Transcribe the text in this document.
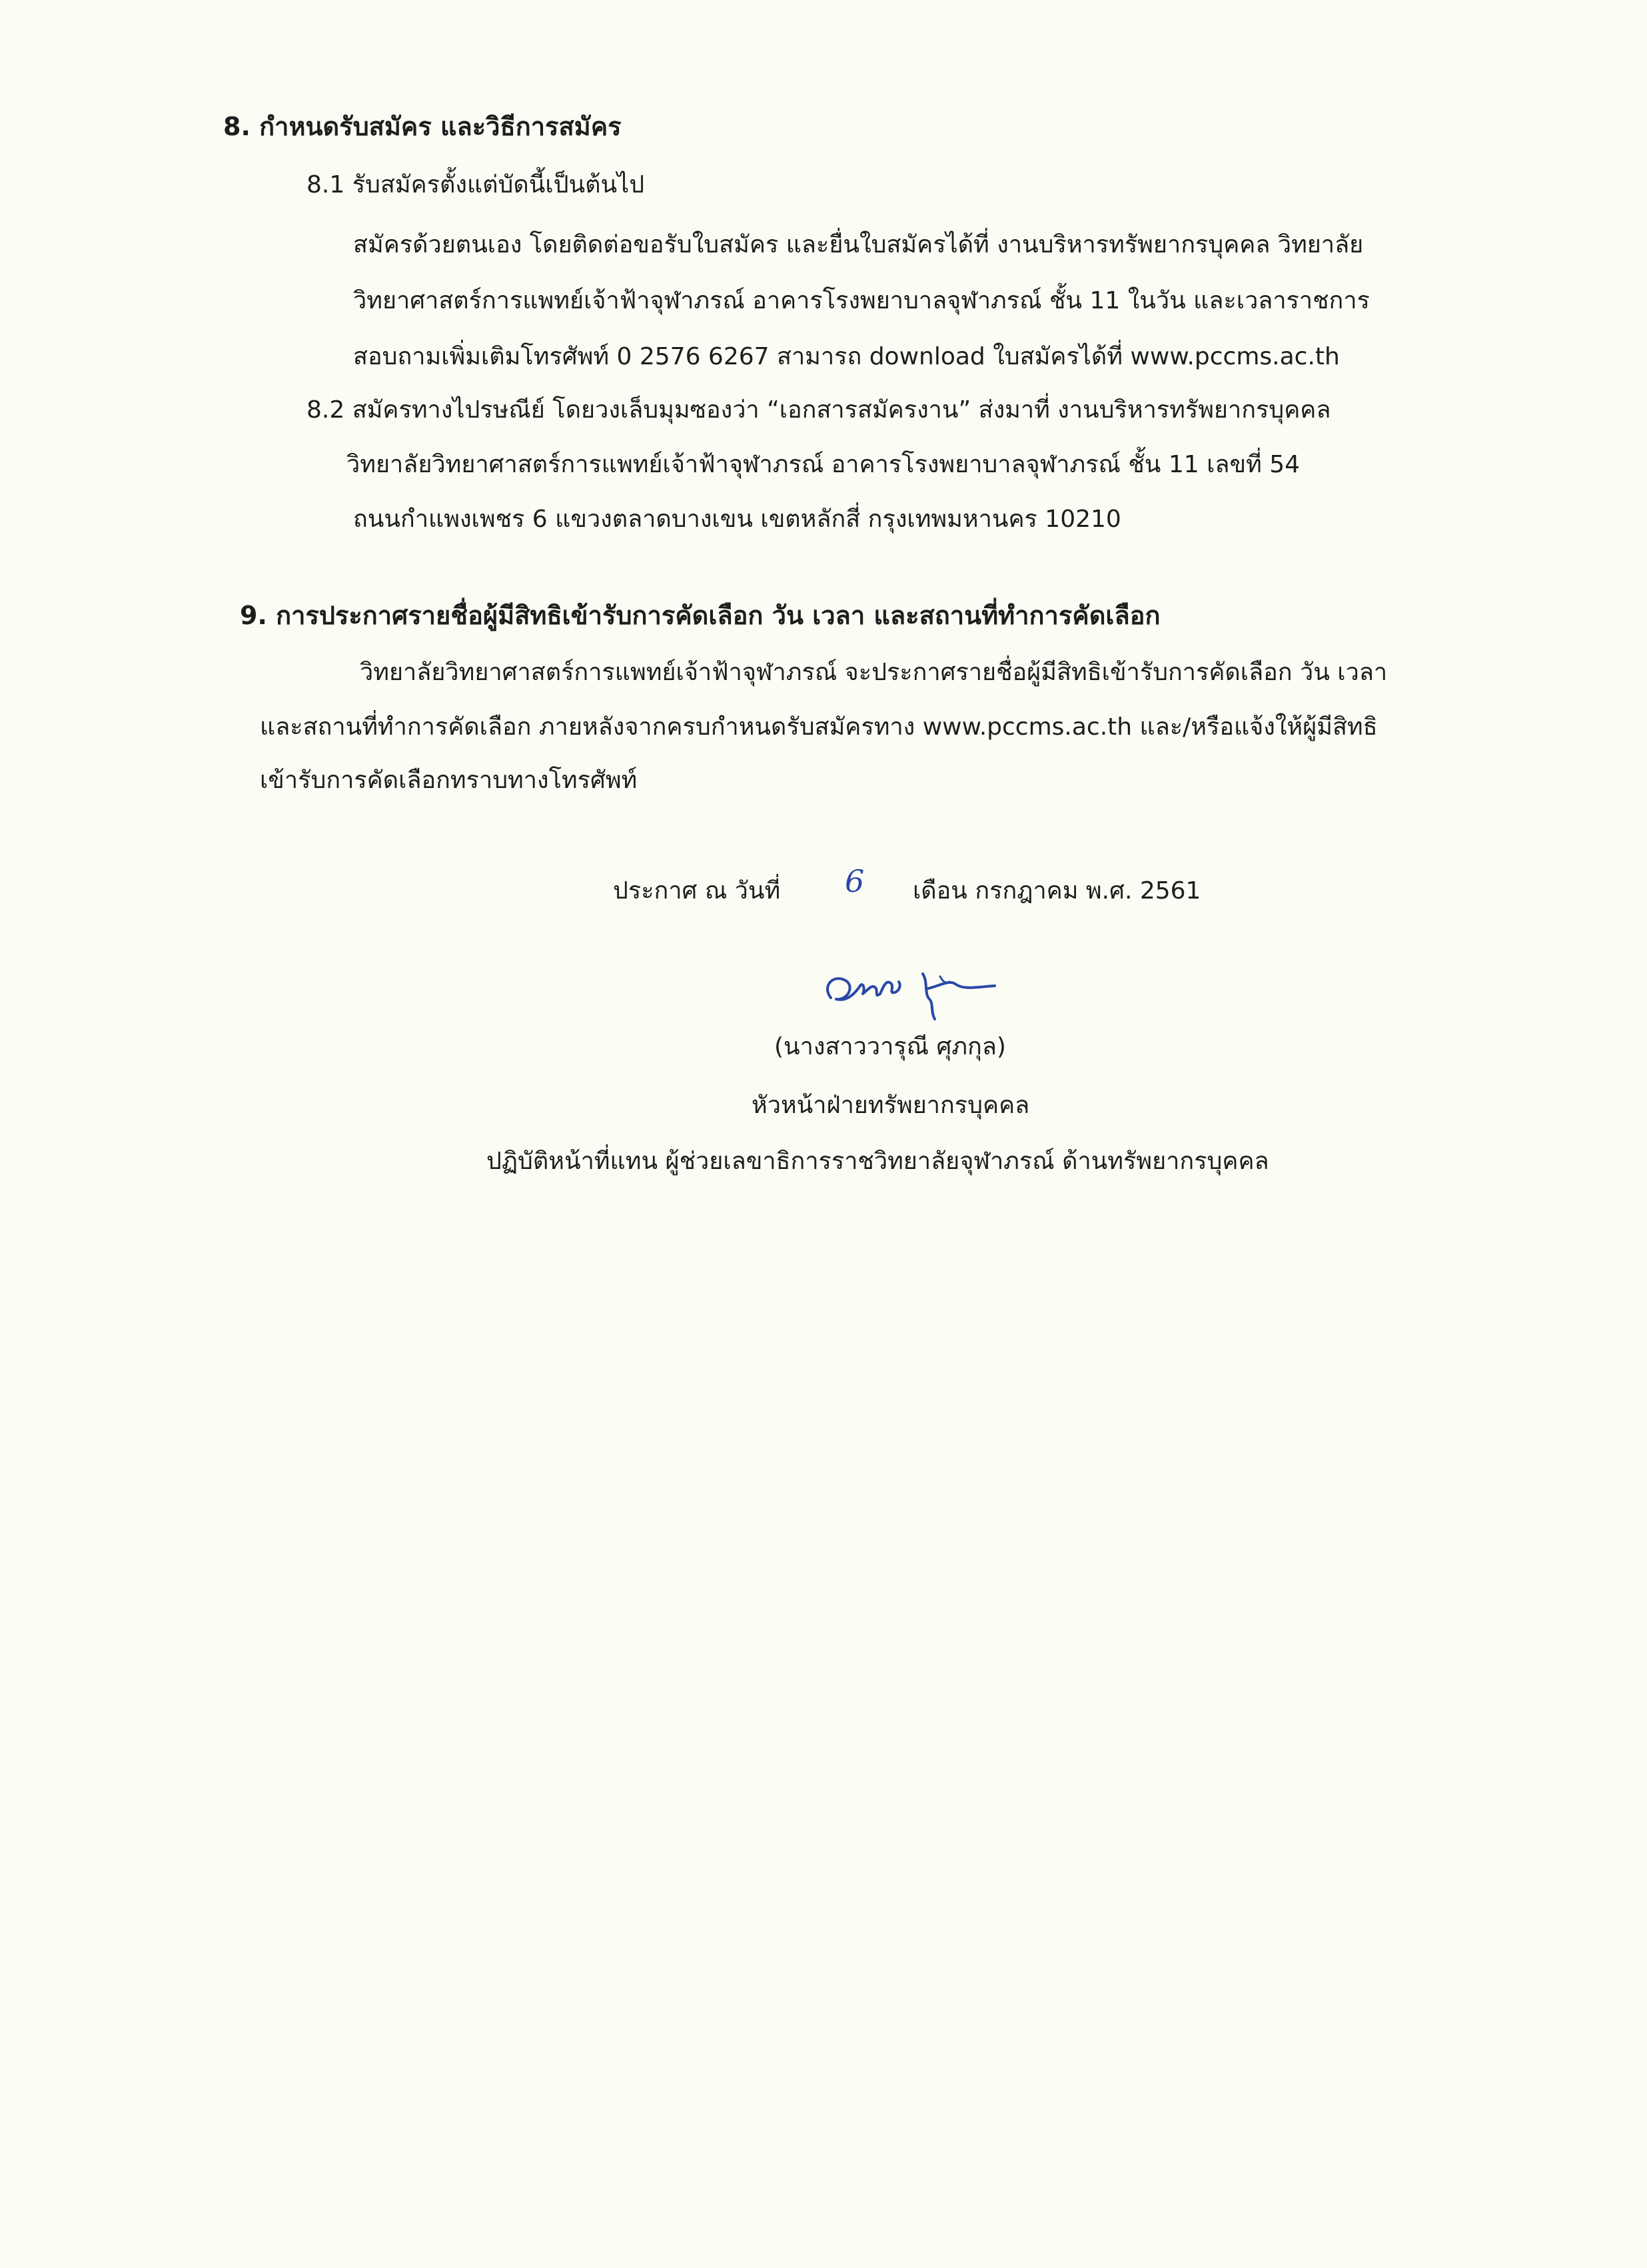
8. กำหนดรับสมัคร และวิธีการสมัคร
8.1 รับสมัครตั้งแต่บัดนี้เป็นต้นไป
สมัครด้วยตนเอง โดยติดต่อขอรับใบสมัคร และยื่นใบสมัครได้ที่ งานบริหารทรัพยากรบุคคล วิทยาลัย
วิทยาศาสตร์การแพทย์เจ้าฟ้าจุฬาภรณ์ อาคารโรงพยาบาลจุฬาภรณ์ ชั้น 11 ในวัน และเวลาราชการ
สอบถามเพิ่มเติมโทรศัพท์ 0 2576 6267 สามารถ download ใบสมัครได้ที่ www.pccms.ac.th
8.2 สมัครทางไปรษณีย์ โดยวงเล็บมุมซองว่า “เอกสารสมัครงาน” ส่งมาที่ งานบริหารทรัพยากรบุคคล
วิทยาลัยวิทยาศาสตร์การแพทย์เจ้าฟ้าจุฬาภรณ์ อาคารโรงพยาบาลจุฬาภรณ์ ชั้น 11 เลขที่ 54
ถนนกำแพงเพชร 6 แขวงตลาดบางเขน เขตหลักสี่ กรุงเทพมหานคร 10210
9. การประกาศรายชื่อผู้มีสิทธิเข้ารับการคัดเลือก วัน เวลา และสถานที่ทำการคัดเลือก
วิทยาลัยวิทยาศาสตร์การแพทย์เจ้าฟ้าจุฬาภรณ์ จะประกาศรายชื่อผู้มีสิทธิเข้ารับการคัดเลือก วัน เวลา
และสถานที่ทำการคัดเลือก ภายหลังจากครบกำหนดรับสมัครทาง www.pccms.ac.th และ/หรือแจ้งให้ผู้มีสิทธิ
เข้ารับการคัดเลือกทราบทางโทรศัพท์
ประกาศ ณ วันที่ 6 เดือน กรกฎาคม พ.ศ. 2561
(นางสาววารุณี ศุภกุล)
หัวหน้าฝ่ายทรัพยากรบุคคล
ปฏิบัติหน้าที่แทน ผู้ช่วยเลขาธิการราชวิทยาลัยจุฬาภรณ์ ด้านทรัพยากรบุคคล
